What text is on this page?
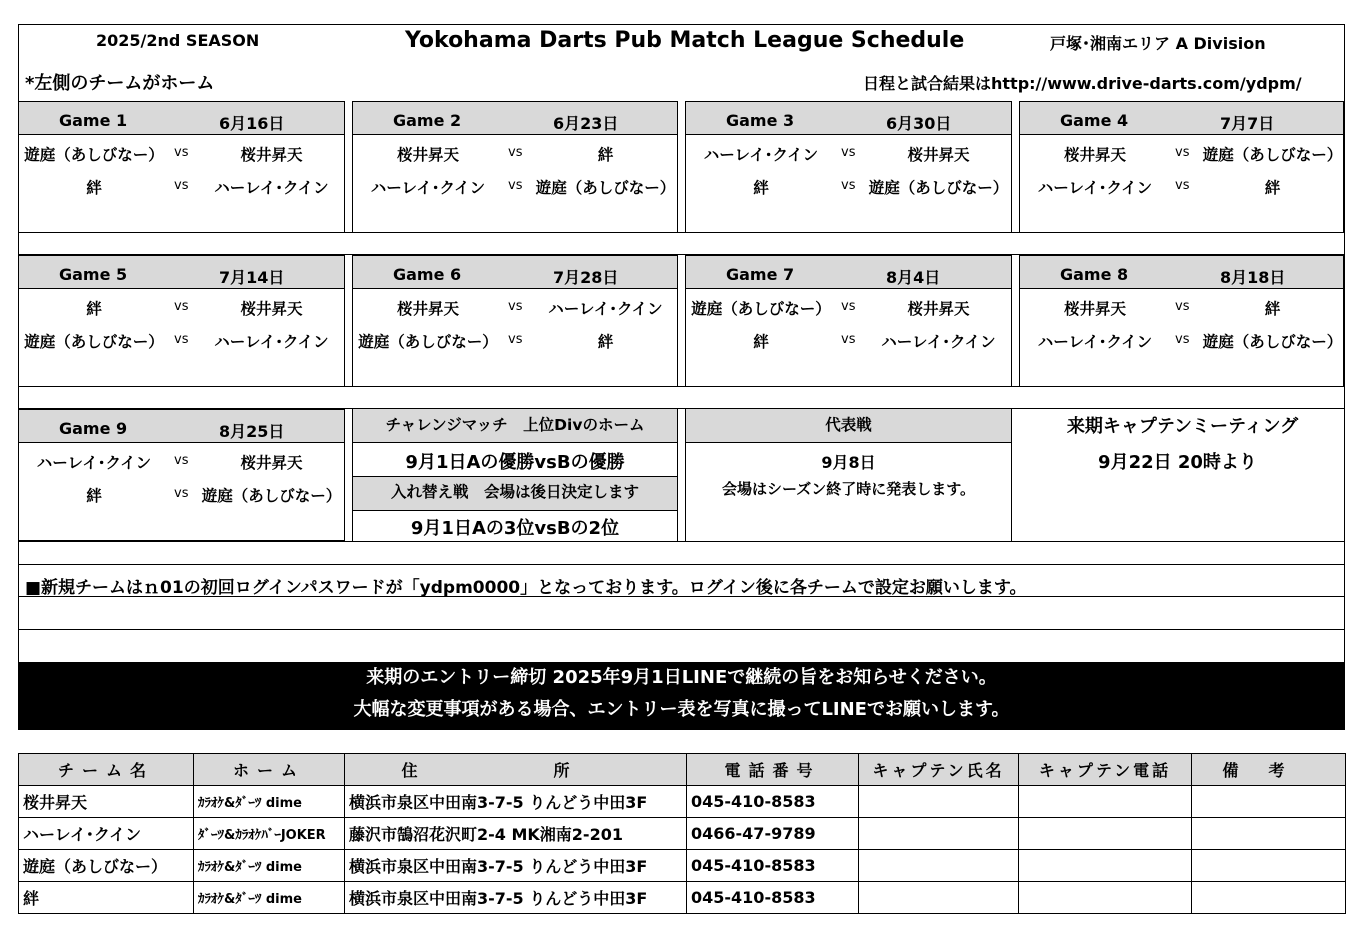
2025/2nd SEASON	Yokohama Darts Pub Match League Schedule	戸塚･湘南エリア A Division
*左側のチームがホーム	日程と試合結果はhttp://www.drive-darts.com/ydpm/
Game 1	6月16日
遊庭（あしびなー） vs	桜井昇天
絆	vs	ハーレイ･クイン
Game 2	6月23日
桜井昇天	vs	絆
ハーレイ･クイン	vs 遊庭（あしびなー）
Game 3	6月30日
ハーレイ･クイン	vs	桜井昇天
絆	vs 遊庭（あしびなー）
Game 4	7月7日
桜井昇天	vs 遊庭（あしびなー）
ハーレイ･クイン	vs	絆
Game 5	7月14日
絆	vs	桜井昇天
遊庭（あしびなー） vs	ハーレイ･クイン
Game 6	7月28日
桜井昇天	vs	ハーレイ･クイン
遊庭（あしびなー） vs	絆
Game 7	8月4日
遊庭（あしびなー） vs	桜井昇天
絆	vs	ハーレイ･クイン
Game 8	8月18日
桜井昇天	vs	絆
ハーレイ･クイン	vs 遊庭（あしびなー）
Game 9	8月25日
ハーレイ･クイン	vs	桜井昇天
絆	vs 遊庭（あしびなー）
チャレンジマッチ　上位Divのホーム
9月1日Aの優勝vsBの優勝
入れ替え戦　会場は後日決定します
9月1日Aの3位vsBの2位
代表戦
9月8日
会場はシーズン終了時に発表します。
来期キャプテンミーティング
9月22日 20時より
■新規チームはｎ01の初回ログインパスワードが「ydpm0000」となっております。ログイン後に各チームで設定お願いします。
来期のエントリー締切 2025年9月1日LINEで継続の旨をお知らせください。
大幅な変更事項がある場合、エントリー表を写真に撮ってLINEでお願いします。
チーム名	ホーム	住　所	電話番号	キャプテン氏名	キャプテン電話	備考
桜井昇天	ｶﾗｵｹ&ﾀﾞｰﾂ dime	横浜市泉区中田南3-7-5 りんどう中田3F	045-410-8583			
ハーレイ･クイン	ﾀﾞｰﾂ&ｶﾗｵｹﾊﾞｰJOKER	藤沢市鵠沼花沢町2-4 MK湘南2-201	0466-47-9789			
遊庭（あしびなー）	ｶﾗｵｹ&ﾀﾞｰﾂ dime	横浜市泉区中田南3-7-5 りんどう中田3F	045-410-8583			
絆	ｶﾗｵｹ&ﾀﾞｰﾂ dime	横浜市泉区中田南3-7-5 りんどう中田3F	045-410-8583			
